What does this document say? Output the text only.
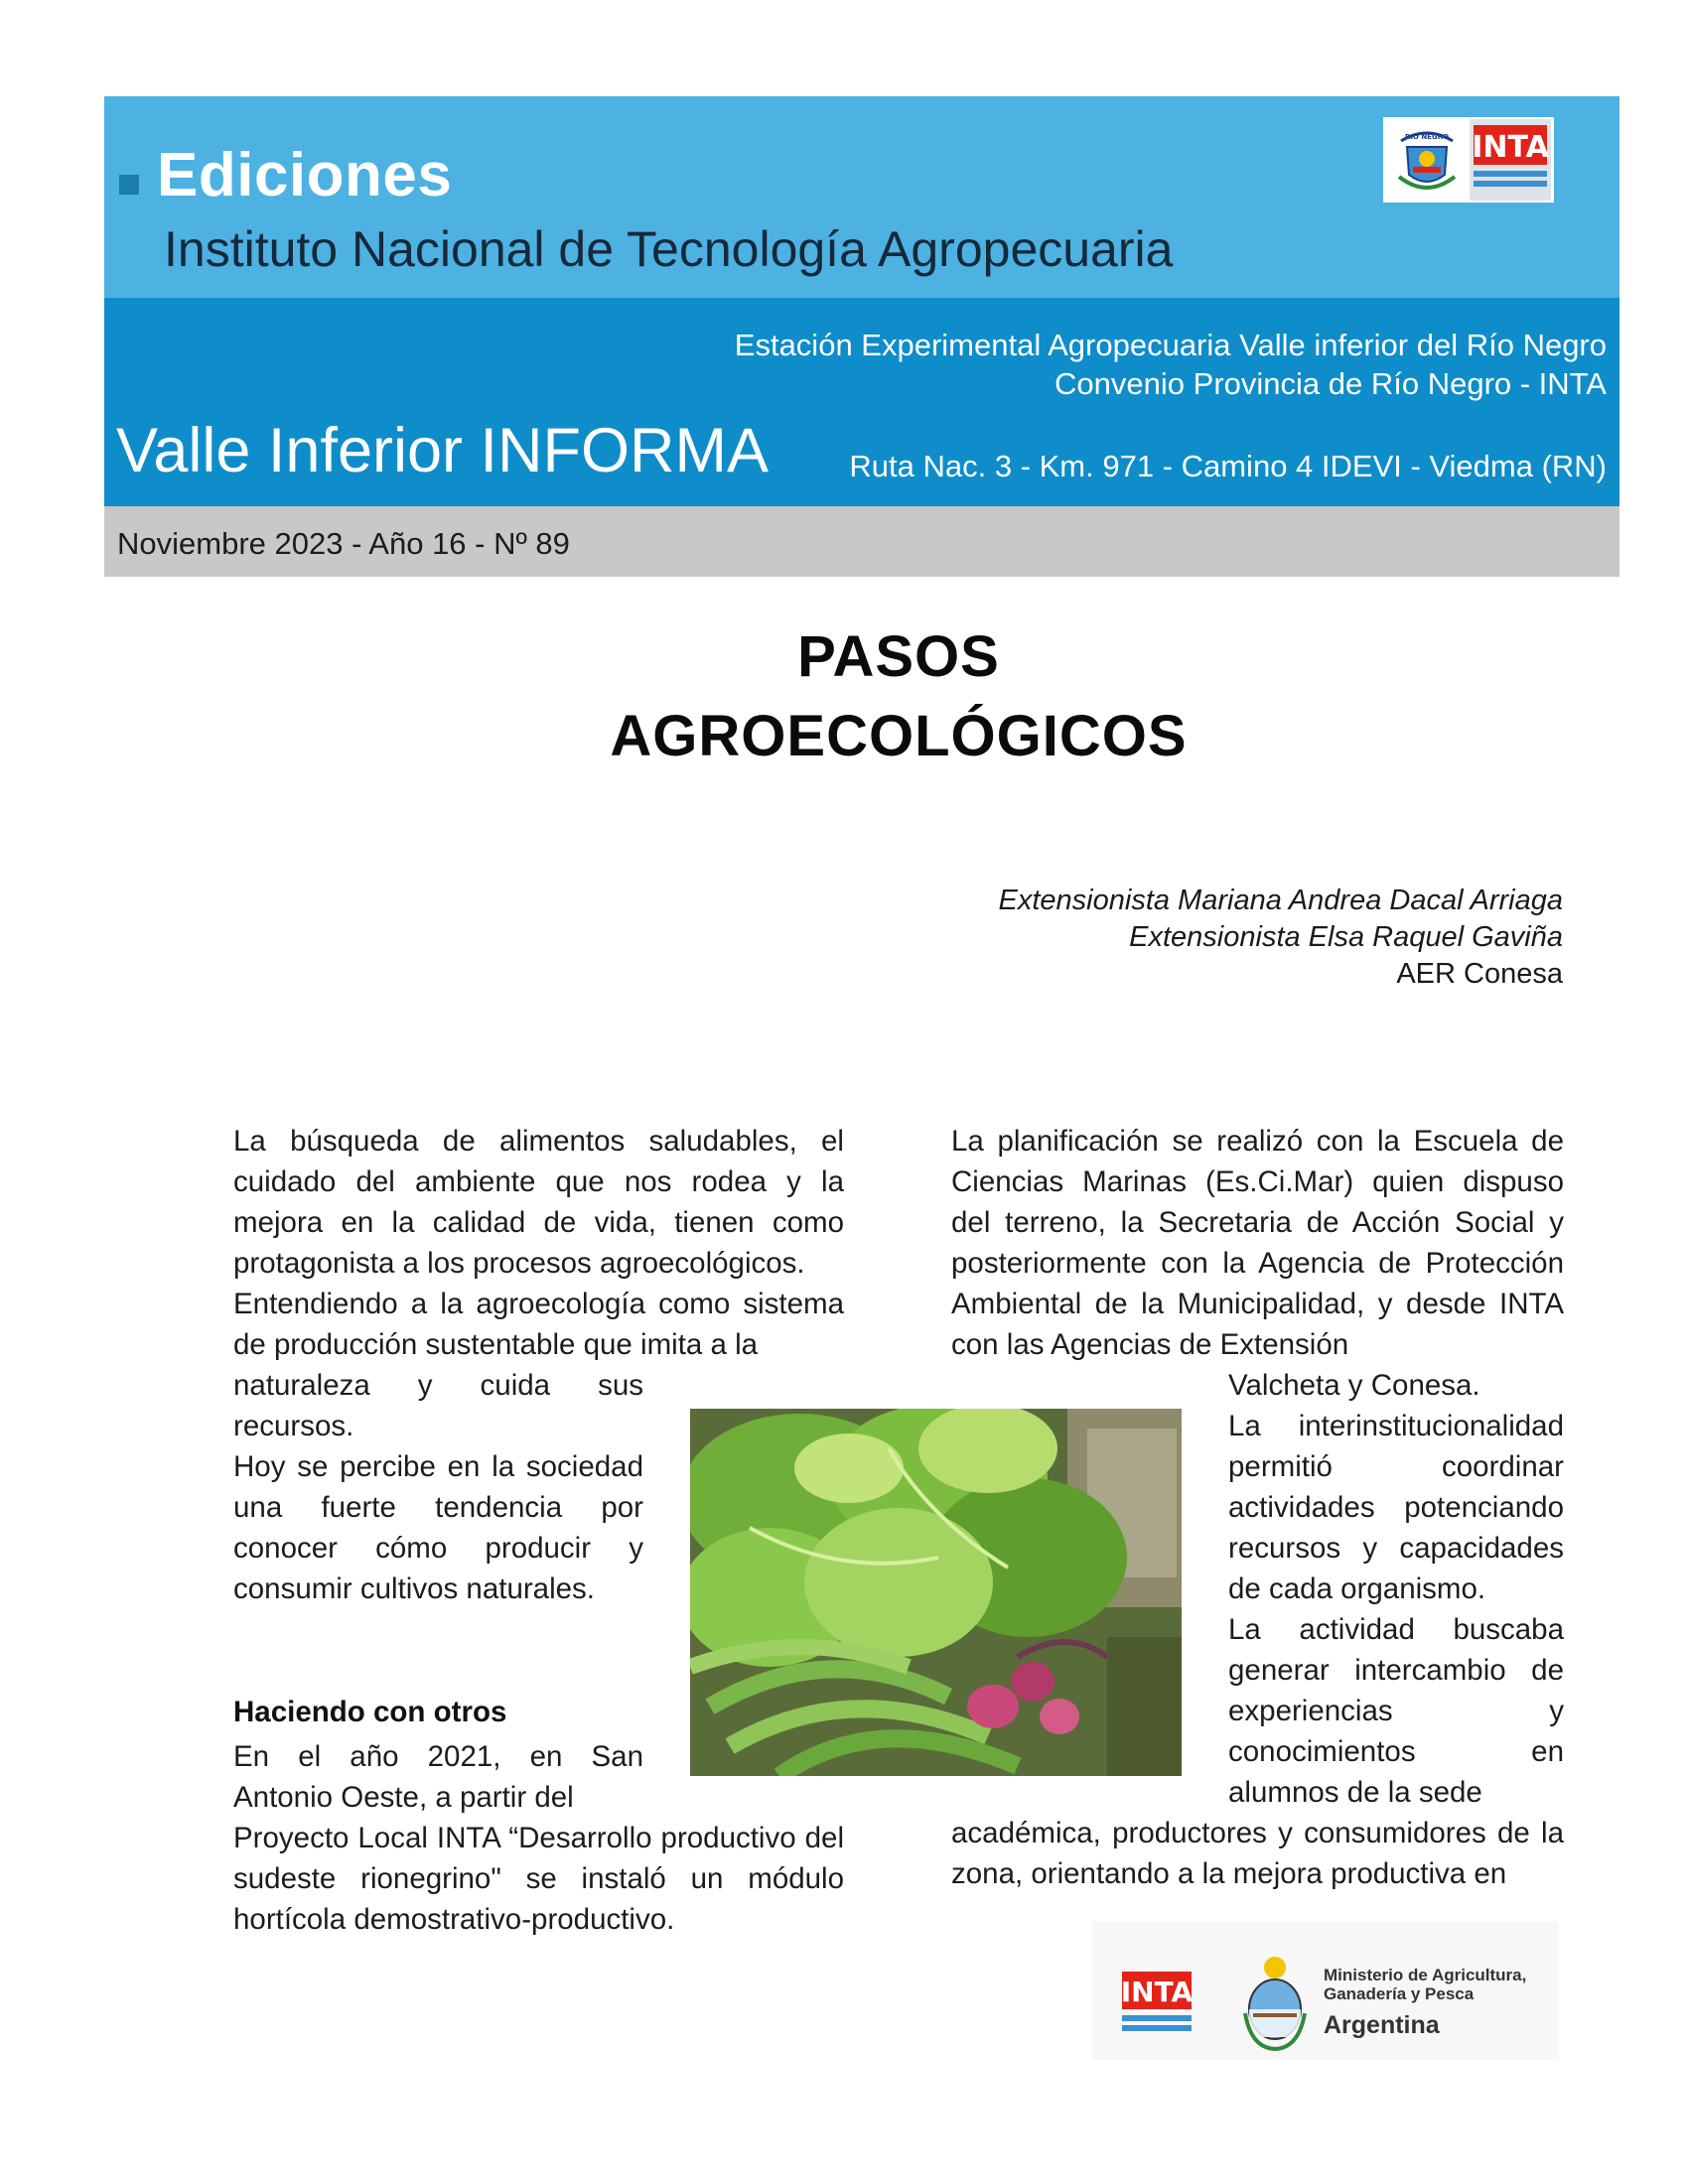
Ediciones
Instituto Nacional de Tecnología Agropecuaria
RIO NEGRO INTA
Estación Experimental Agropecuaria Valle inferior del Río Negro
Convenio Provincia de Río Negro - INTA
Valle Inferior INFORMA	Ruta Nac. 3 - Km. 971 - Camino 4 IDEVI - Viedma (RN)
Noviembre 2023 - Año 16 - Nº 89
PASOS
AGROECOLÓGICOS
Extensionista Mariana Andrea Dacal Arriaga
Extensionista Elsa Raquel Gaviña
AER Conesa

La búsqueda de alimentos saludables, el cuidado del ambiente que nos rodea y la mejora en la calidad de vida, tienen como protagonista a los procesos agroecológicos.

Entendiendo a la agroecología como sistema de producción sustentable que imita a la

naturaleza y cuida sus recursos.

Hoy se percibe en la sociedad una fuerte tendencia por conocer cómo producir y consumir cultivos naturales.

Haciendo con otros

En el año 2021, en San Antonio Oeste, a partir del

Proyecto Local INTA “Desarrollo productivo del sudeste rionegrino" se instaló un módulo hortícola demostrativo-productivo.

La planificación se realizó con la Escuela de Ciencias Marinas (Es.Ci.Mar) quien dispuso del terreno, la Secretaria de Acción Social y posteriormente con la Agencia de Protección Ambiental de la Municipalidad, y desde INTA con las Agencias de Extensión

Valcheta y Conesa.

La interinstitucionalidad permitió coordinar actividades potenciando recursos y capacidades de cada organismo.

La actividad buscaba generar intercambio de experiencias y conocimientos en alumnos de la sede

académica, productores y consumidores de la zona, orientando a la mejora productiva en

INTA
Ministerio de Agricultura,
Ganadería y Pesca
Argentina
